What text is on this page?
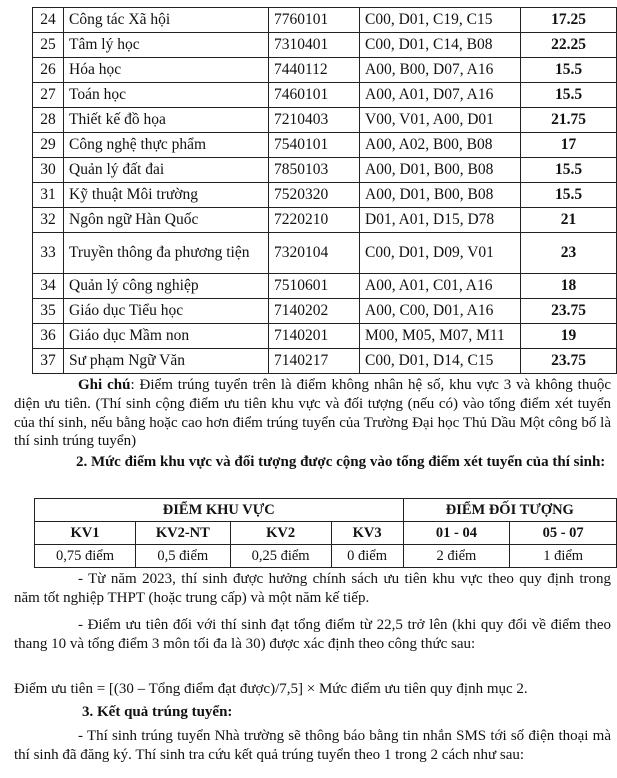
24	Công tác Xã hội	7760101	C00, D01, C19, C15	17.25
25	Tâm lý học	7310401	C00, D01, C14, B08	22.25
26	Hóa học	7440112	A00, B00, D07, A16	15.5
27	Toán học	7460101	A00, A01, D07, A16	15.5
28	Thiết kế đồ họa	7210403	V00, V01, A00, D01	21.75
29	Công nghệ thực phẩm	7540101	A00, A02, B00, B08	17
30	Quản lý đất đai	7850103	A00, D01, B00, B08	15.5
31	Kỹ thuật Môi trường	7520320	A00, D01, B00, B08	15.5
32	Ngôn ngữ Hàn Quốc	7220210	D01, A01, D15, D78	21
33	Truyền thông đa phương tiện	7320104	C00, D01, D09, V01	23
34	Quản lý công nghiệp	7510601	A00, A01, C01, A16	18
35	Giáo dục Tiểu học	7140202	A00, C00, D01, A16	23.75
36	Giáo dục Mầm non	7140201	M00, M05, M07, M11	19
37	Sư phạm Ngữ Văn	7140217	C00, D01, D14, C15	23.75
Ghi chú: Điểm trúng tuyển trên là điểm không nhân hệ số, khu vực 3 và không thuộc diện ưu tiên. (Thí sinh cộng điểm ưu tiên khu vực và đối tượng (nếu có) vào tổng điểm xét tuyển của thí sinh, nếu bằng hoặc cao hơn điểm trúng tuyển của Trường Đại học Thủ Dầu Một công bố là thí sinh trúng tuyển)
2. Mức điểm khu vực và đối tượng được cộng vào tổng điểm xét tuyển của thí sinh:
ĐIỂM KHU VỰC				ĐIỂM ĐỐI TƯỢNG	
KV1	KV2-NT	KV2	KV3	01 - 04	05 - 07
0,75 điểm	0,5 điểm	0,25 điểm	0 điểm	2 điểm	1 điểm
- Từ năm 2023, thí sinh được hưởng chính sách ưu tiên khu vực theo quy định trong năm tốt nghiệp THPT (hoặc trung cấp) và một năm kế tiếp.
- Điểm ưu tiên đối với thí sinh đạt tổng điểm từ 22,5 trở lên (khi quy đổi về điểm theo thang 10 và tổng điểm 3 môn tối đa là 30) được xác định theo công thức sau:
Điểm ưu tiên = [(30 – Tổng điểm đạt được)/7,5] × Mức điểm ưu tiên quy định mục 2.
3. Kết quả trúng tuyển:
- Thí sinh trúng tuyển Nhà trường sẽ thông báo bằng tin nhắn SMS tới số điện thoại mà thí sinh đã đăng ký. Thí sinh tra cứu kết quả trúng tuyển theo 1 trong 2 cách như sau:
